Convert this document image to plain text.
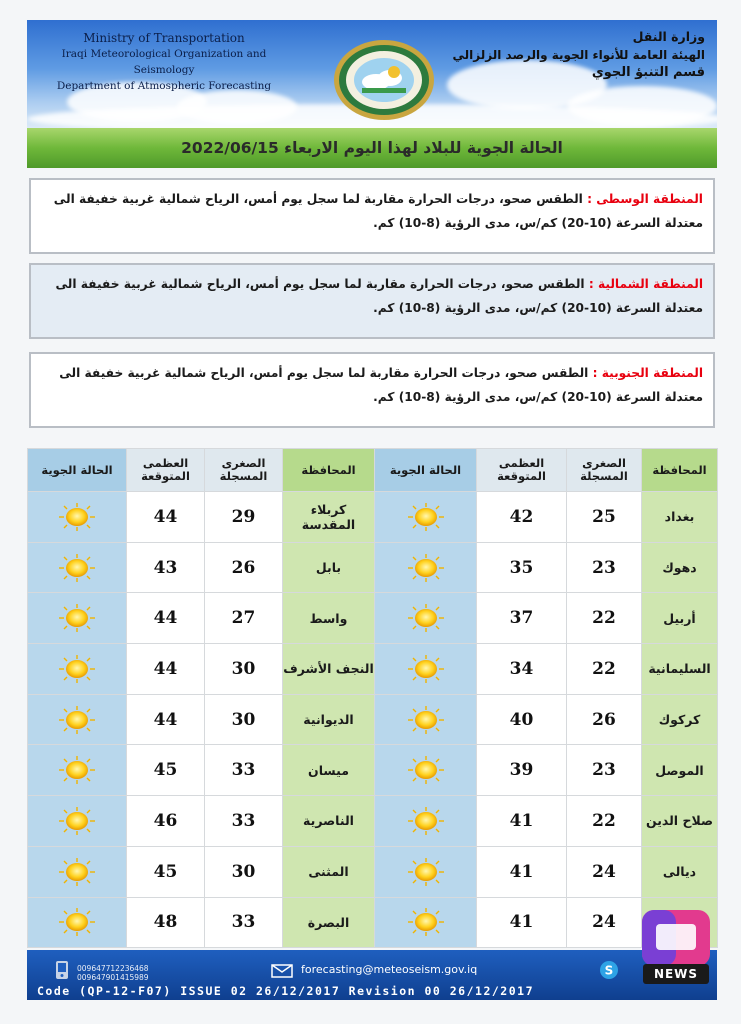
Ministry of Transportation
Iraqi Meteorological Organization and Seismology
Department of Atmospheric Forecasting
وزارة النقل
الهيئة العامة للأنواء الجوية والرصد الزلزالي
قسم التنبؤ الجوي
الحالة الجوية للبلاد لهذا اليوم الاربعاء 2022/06/15
المنطقة الوسطى : الطقس صحو، درجات الحرارة مقاربة لما سجل يوم أمس، الرياح شمالية غربية خفيفة الى معتدلة السرعة (10-20) كم/س، مدى الرؤية (8-10) كم.
المنطقة الشمالية : الطقس صحو، درجات الحرارة مقاربة لما سجل يوم أمس، الرياح شمالية غربية خفيفة الى معتدلة السرعة (10-20) كم/س، مدى الرؤية (8-10) كم.
المنطقة الجنوبية : الطقس صحو، درجات الحرارة مقاربة لما سجل يوم أمس، الرياح شمالية غربية خفيفة الى معتدلة السرعة (10-20) كم/س، مدى الرؤية (8-10) كم.
المحافظة	الصغرى المسجلة	العظمى المتوقعة	الحالة الجوية	المحافظة	الصغرى المسجلة	العظمى المتوقعة	الحالة الجوية
بغداد	25	42		كربلاء المقدسة	29	44	
دهوك	23	35		بابل	26	43	
أربيل	22	37		واسط	27	44	
السليمانية	22	34		النجف الأشرف	30	44	
كركوك	26	40		الديوانية	30	44	
الموصل	23	39		ميسان	33	45	
صلاح الدين	22	41		الناصرية	33	46	
ديالى	24	41		المثنى	30	45	
	24	41		البصرة	33	48	
009647712236468
009647901415989
forecasting@meteoseism.gov.iq	S
Code (QP-12-F07) ISSUE 02 26/12/2017 Revision 00 26/12/2017
NEWS
